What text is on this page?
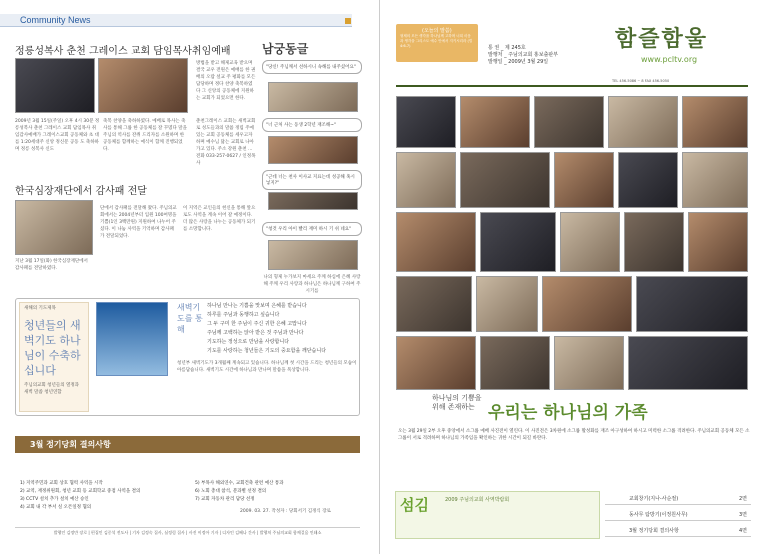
Community News
정릉성복사 춘천 그레이스 교회 담임목사취임예배
방법을 받고 해제교육 받으며 결국 교우 전원은 예배를 한 권 배의 오랍 설교 주 평화를 모든 담당하며 정다 찬양 축복하였다 그 신앙의 공동체에 지원하는 교회가 되었으면 한다.
2009년 3월 15일(주일) 오후 4시 30분 정릉성복사 춘천 그레이스 교회 담임목사 취임감사예배가 그레이스교회 공동체와 초 대를 1:20세대주 신앙 정신문 공동 도 축하하며 정릉 성복사 신도
축복 찬양을 축하하였다. 예배로 목사는 축사를 통해 그룹 한 공동체를 잘 꾸몄다 말을 주님의 역사를 잔쥐 드리자를 소원하며 한 공동체를 함께하는 예식이 함께 진행되었다.
춘천그레이스 교회는 새벽교회로 성도들과의 말씀 정립 주예 있는 교회 공동체를 세우고자 하며 예수님 닮는 교회로 나아가고 있다. 주소 강원 춘천 ... 전화 033-257-0627 / 인정목사
한국심장재단에서 감사패 전달
지난 3월 17일(화) 한국심장재단에서 감사패를 전달하였다.
단에서 감사패를 전달해 왔다. 주님의교회에서는 2004년부터 입원 100여명을 기쁨(1인 3백만원) 지원하여 나누어 주셨다. 이 나눔 사역을 기억하며 감사패가 전달되었다.
이 지역은 교인들의 헌신을 통해 앞으로도 사역을 계속 이어 갈 예정이다. 더 많은 사랑을 나누는 공동체가 되기를 소망합니다.
남궁동글
"당신! 주님께서 선하시니 속해를 내주셨어요"
"너 근처 사는 동생 2학년 재조해~"
"근데 너는 천사 이사교 지표는데 성공해 혹시 넣지?"
"청것 우리 아이 빨리 재미 하시 기 쉬 네요"
나의 형제 누가보지 마세요 주께 하심에 은혜 사랑해 주께 우리 사랑과 하나님은 하나님께 구하여 주시기를
새해의 기도제목
청년들의 새벽기도 하나님이 수축하십니다
주님의교회 청년들의 열정과 새벽 말씀 청년연합
새벽기도를 통해
하나님 만나는 기쁨을 맛보며 은혜를 받습니다
하루를 주님과 동행하고 싶습니다
그 두 구미 한 주님이 주신 귀한 은혜 고맙니다
주님께 고백하는 앉아 받은 것 주님과 만나다
기도하는 정성으로 만남을 사랑합니다
기도를 사랑하는 청년들은 기도의 중요함을 깨닫습니다
청년부 새벽기도가 3개월째 계속되고 있습니다. 하나님께 첫 시간을 드리는 청년들의 모습이 아름답습니다. 새벽기도 시간에 하나님과 만나며 말씀을 묵상합니다.
3월 정기당회 결의사항
1) 지역주민과 교회 상호 협력 사역을 시작
2) 교역, 재정위원회, 청년 교회 등 교회학교 중점 사역을 결의
3) CCTV 설치 추가 설치 예산 승인
4) 교회 내 각 부서 실 오픈일정 협의
5) 부목사 해외연수, 교회건축 관련 예산 통과
6) 노회 총대 참석, 분과별 선정 결의
7) 교회 자동차 관리 담당 선정
2009. 03. 27. 작성자 : 당회서기 김정식 장로
발행인 김정만 장로 | 편집인 김중석 전도사 | 기자 김정숙 집사, 심정림 집사 | 사진 이정아 기자 | 디자인 김혜나 간사 | 발행처 주님의교회 함께걸음 인쇄소
(오늘의 말씀)
형제의 모든 생각을 하나님께 고하며 너희 마음과 생각을 그리스도 예수 안에서 지키시리라 (빌 4:6-7)	통 권 _ 제 245호
발행처 _ 주님의교회 홍보출판부
발행일 _ 2009년 3월 29일
함즐함울
www.pcltv.org
TEL 456-5086 ~ 8 FAX 456-5050
하나님의 기쁨을 위해 존재하는 우리는 하나님의 가족
오는 3월 29일 2부 오후 중앙에서 소그룹 예배 사진전이 열린다. 이 사진전은 3차원에 소그룹 활성화를 재조 아구성하여 하시고 미력한 소그룹 격려한다. 주님의교회 공동체 모든 소그룹이 서로 격려하며 하나님의 가족임을 확인하는 귀한 시간이 되길 바란다.
섬김	2009 주님의교회 사역박람회	교회창기(지나-사순절)	2면
동사무 탐방기(이정원사무)	3면
3월 정기당회 결의사항	4면
